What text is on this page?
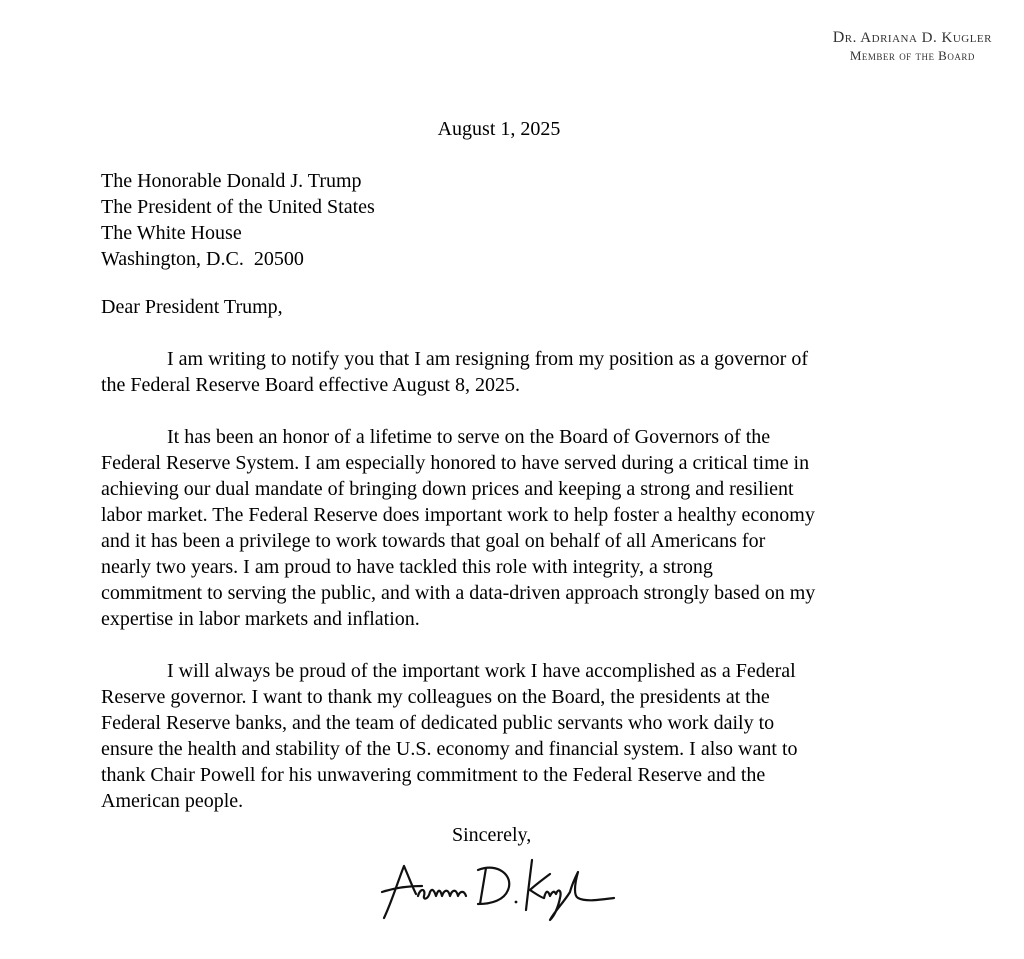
Dr. Adriana D. Kugler
Member of the Board
August 1, 2025
The Honorable Donald J. Trump
The President of the United States
The White House
Washington, D.C.  20500
Dear President Trump,

I am writing to notify you that I am resigning from my position as a governor of
the Federal Reserve Board effective August 8, 2025.

It has been an honor of a lifetime to serve on the Board of Governors of the
Federal Reserve System. I am especially honored to have served during a critical time in
achieving our dual mandate of bringing down prices and keeping a strong and resilient
labor market. The Federal Reserve does important work to help foster a healthy economy
and it has been a privilege to work towards that goal on behalf of all Americans for
nearly two years. I am proud to have tackled this role with integrity, a strong
commitment to serving the public, and with a data-driven approach strongly based on my
expertise in labor markets and inflation.

I will always be proud of the important work I have accomplished as a Federal
Reserve governor. I want to thank my colleagues on the Board, the presidents at the
Federal Reserve banks, and the team of dedicated public servants who work daily to
ensure the health and stability of the U.S. economy and financial system. I also want to
thank Chair Powell for his unwavering commitment to the Federal Reserve and the
American people.

Sincerely,
